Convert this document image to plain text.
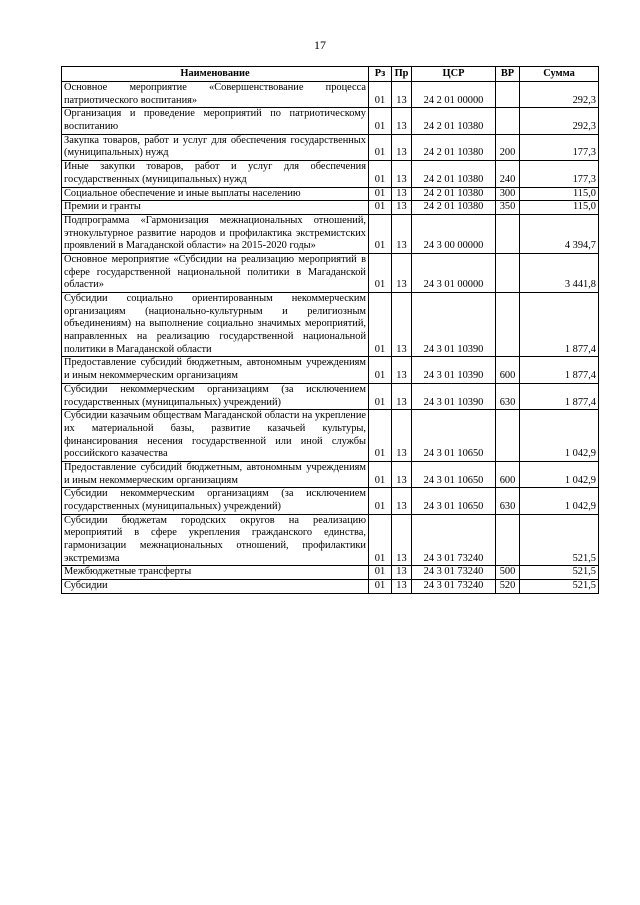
17
Наименование	Рз	Пр	ЦСР	ВР	Сумма
Основное мероприятие «Совершенствование процесса патриотического воспитания»	01	13	24 2 01 00000		292,3
Организация и проведение мероприятий по патриотическому воспитанию	01	13	24 2 01 10380		292,3
Закупка товаров, работ и услуг для обеспечения государственных (муниципальных) нужд	01	13	24 2 01 10380	200	177,3
Иные закупки товаров, работ и услуг для обеспечения государственных (муниципальных) нужд	01	13	24 2 01 10380	240	177,3
Социальное обеспечение и иные выплаты населению	01	13	24 2 01 10380	300	115,0
Премии и гранты	01	13	24 2 01 10380	350	115,0
Подпрограмма «Гармонизация межнациональных отношений, этнокультурное развитие народов и профилактика экстремистских проявлений в Магаданской области» на 2015-2020 годы»	01	13	24 3 00 00000		4 394,7
Основное мероприятие «Субсидии на реализацию мероприятий в сфере государственной национальной политики в Магаданской области»	01	13	24 3 01 00000		3 441,8
Субсидии социально ориентированным некоммерческим организациям (национально-культурным и религиозным объединениям) на выполнение социально значимых мероприятий, направленных на реализацию государственной национальной политики в Магаданской области	01	13	24 3 01 10390		1 877,4
Предоставление субсидий бюджетным, автономным учреждениям и иным некоммерческим организациям	01	13	24 3 01 10390	600	1 877,4
Субсидии некоммерческим организациям (за исключением государственных (муниципальных) учреждений)	01	13	24 3 01 10390	630	1 877,4
Субсидии казачьим обществам Магаданской области на укрепление их материальной базы, развитие казачьей культуры, финансирования несения государственной или иной службы российского казачества	01	13	24 3 01 10650		1 042,9
Предоставление субсидий бюджетным, автономным учреждениям и иным некоммерческим организациям	01	13	24 3 01 10650	600	1 042,9
Субсидии некоммерческим организациям (за исключением государственных (муниципальных) учреждений)	01	13	24 3 01 10650	630	1 042,9
Субсидии бюджетам городских округов на реализацию мероприятий в сфере укрепления гражданского единства, гармонизации межнациональных отношений, профилактики экстремизма	01	13	24 3 01 73240		521,5
Межбюджетные трансферты	01	13	24 3 01 73240	500	521,5
Субсидии	01	13	24 3 01 73240	520	521,5
